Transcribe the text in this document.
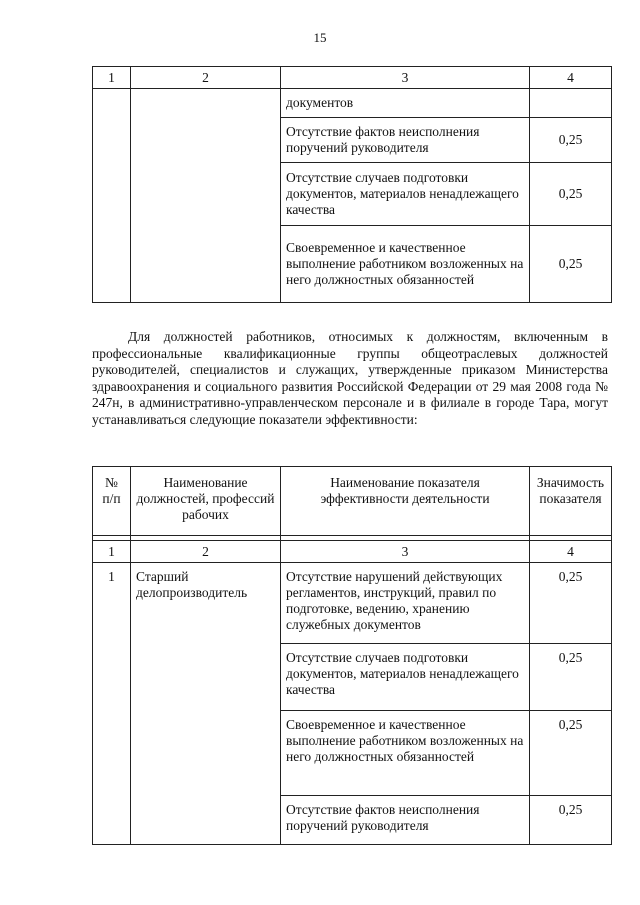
15
1	2	3	4
		документов	
		Отсутствие фактов неисполнения поручений руководителя	0,25
		Отсутствие случаев подготовки документов, материалов ненадлежащего качества	0,25
		Своевременное и качественное выполнение работником возложенных на него должностных обязанностей	0,25

Для должностей работников, относимых к должностям, включенным в профессиональные квалификационные группы общеотраслевых должностей руководителей, специалистов и служащих, утвержденные приказом Министерства здравоохранения и социального развития Российской Федерации от 29 мая 2008 года № 247н, в административно-управленческом персонале и в филиале в городе Тара, могут устанавливаться следующие показатели эффективности:

№ п/п	Наименование должностей, профессий рабочих	Наименование показателя эффективности деятельности	Значимость показателя

1	2	3	4
1	Старший делопроизводитель	Отсутствие нарушений действующих регламентов, инструкций, правил по подготовке, ведению, хранению служебных документов	0,25
		Отсутствие случаев подготовки документов, материалов ненадлежащего качества	0,25
		Своевременное и качественное выполнение работником возложенных на него должностных обязанностей	0,25
		Отсутствие фактов неисполнения поручений руководителя	0,25
